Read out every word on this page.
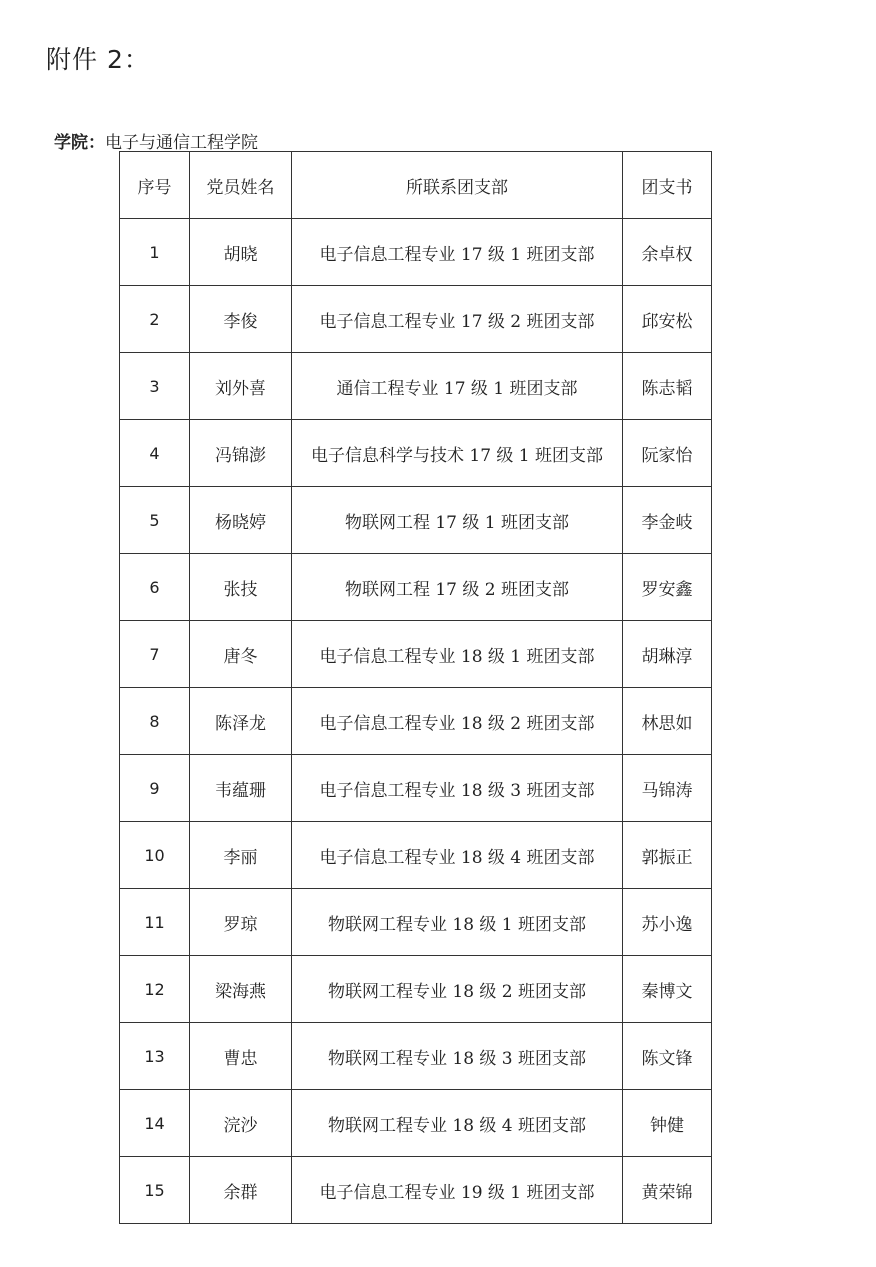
附件 2：
学院：电子与通信工程学院
序号	党员姓名	所联系团支部	团支书
1	胡晓	电子信息工程专业 17 级 1 班团支部	余卓权
2	李俊	电子信息工程专业 17 级 2 班团支部	邱安松
3	刘外喜	通信工程专业 17 级 1 班团支部	陈志韬
4	冯锦澎	电子信息科学与技术 17 级 1 班团支部	阮家怡
5	杨晓婷	物联网工程 17 级 1 班团支部	李金岐
6	张技	物联网工程 17 级 2 班团支部	罗安鑫
7	唐冬	电子信息工程专业 18 级 1 班团支部	胡琳淳
8	陈泽龙	电子信息工程专业 18 级 2 班团支部	林思如
9	韦蕴珊	电子信息工程专业 18 级 3 班团支部	马锦涛
10	李丽	电子信息工程专业 18 级 4 班团支部	郭振正
11	罗琼	物联网工程专业 18 级 1 班团支部	苏小逸
12	梁海燕	物联网工程专业 18 级 2 班团支部	秦博文
13	曹忠	物联网工程专业 18 级 3 班团支部	陈文锋
14	浣沙	物联网工程专业 18 级 4 班团支部	钟健
15	余群	电子信息工程专业 19 级 1 班团支部	黄荣锦
